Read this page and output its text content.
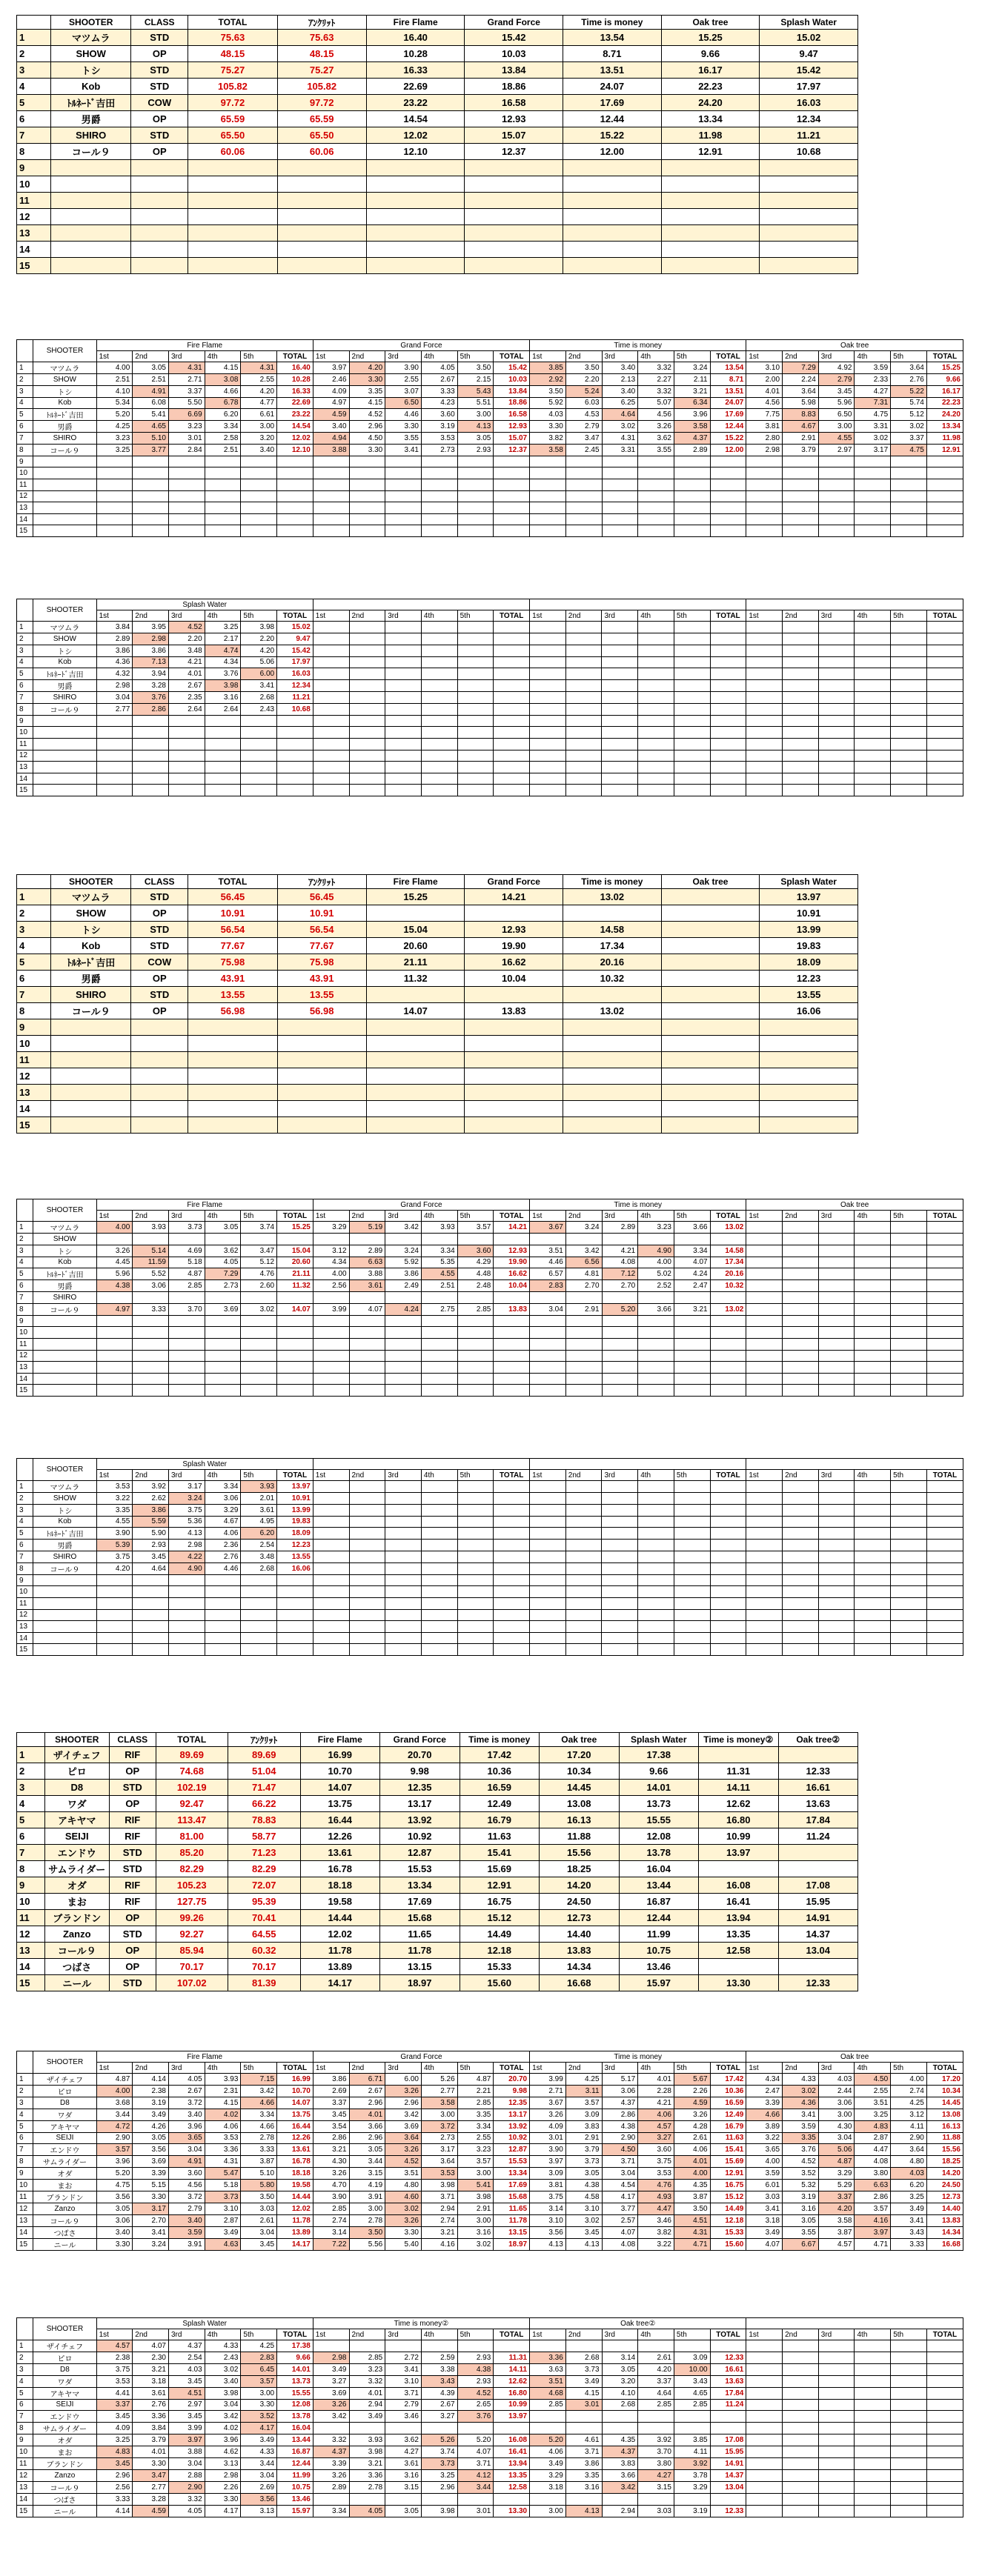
	SHOOTER	CLASS	TOTAL	ｱﾝｸﾘｯﾄ	Fire Flame	Grand Force	Time is money	Oak tree	Splash Water
1	マツムラ	STD	75.63	75.63	16.40	15.42	13.54	15.25	15.02
2	SHOW	OP	48.15	48.15	10.28	10.03	8.71	9.66	9.47
3	トシ	STD	75.27	75.27	16.33	13.84	13.51	16.17	15.42
4	Kob	STD	105.82	105.82	22.69	18.86	24.07	22.23	17.97
5	ﾄﾙﾈｰﾄﾞ吉田	COW	97.72	97.72	23.22	16.58	17.69	24.20	16.03
6	男爵	OP	65.59	65.59	14.54	12.93	12.44	13.34	12.34
7	SHIRO	STD	65.50	65.50	12.02	15.07	15.22	11.98	11.21
8	コール９	OP	60.06	60.06	12.10	12.37	12.00	12.91	10.68
9									
10									
11									
12									
13									
14									
15									
	SHOOTER	Fire Flame						Grand Force						Time is money						Oak tree					
		1st	2nd	3rd	4th	5th	TOTAL	1st	2nd	3rd	4th	5th	TOTAL	1st	2nd	3rd	4th	5th	TOTAL	1st	2nd	3rd	4th	5th	TOTAL
1	マツムラ	4.00	3.05	4.31	4.15	4.31	16.40	3.97	4.20	3.90	4.05	3.50	15.42	3.85	3.50	3.40	3.32	3.24	13.54	3.10	7.29	4.92	3.59	3.64	15.25
2	SHOW	2.51	2.51	2.71	3.08	2.55	10.28	2.46	3.30	2.55	2.67	2.15	10.03	2.92	2.20	2.13	2.27	2.11	8.71	2.00	2.24	2.79	2.33	2.76	9.66
3	トシ	4.10	4.91	3.37	4.66	4.20	16.33	4.09	3.35	3.07	3.33	5.43	13.84	3.50	5.24	3.40	3.32	3.21	13.51	4.01	3.64	3.45	4.27	5.22	16.17
4	Kob	5.34	6.08	5.50	6.78	4.77	22.69	4.97	4.15	6.50	4.23	5.51	18.86	5.92	6.03	6.25	5.07	6.34	24.07	4.56	5.98	5.96	7.31	5.74	22.23
5	ﾄﾙﾈｰﾄﾞ吉田	5.20	5.41	6.69	6.20	6.61	23.22	4.59	4.52	4.46	3.60	3.00	16.58	4.03	4.53	4.64	4.56	3.96	17.69	7.75	8.83	6.50	4.75	5.12	24.20
6	男爵	4.25	4.65	3.23	3.34	3.00	14.54	3.40	2.96	3.30	3.19	4.13	12.93	3.30	2.79	3.02	3.26	3.58	12.44	3.81	4.67	3.00	3.31	3.02	13.34
7	SHIRO	3.23	5.10	3.01	2.58	3.20	12.02	4.94	4.50	3.55	3.53	3.05	15.07	3.82	3.47	4.31	3.62	4.37	15.22	2.80	2.91	4.55	3.02	3.37	11.98
8	コール９	3.25	3.77	2.84	2.51	3.40	12.10	3.88	3.30	3.41	2.73	2.93	12.37	3.58	2.45	3.31	3.55	2.89	12.00	2.98	3.79	2.97	3.17	4.75	12.91
9																									
10																									
11																									
12																									
13																									
14																									
15																									
	SHOOTER	Splash Water																							
		1st	2nd	3rd	4th	5th	TOTAL	1st	2nd	3rd	4th	5th	TOTAL	1st	2nd	3rd	4th	5th	TOTAL	1st	2nd	3rd	4th	5th	TOTAL
1	マツムラ	3.84	3.95	4.52	3.25	3.98	15.02																		
2	SHOW	2.89	2.98	2.20	2.17	2.20	9.47																		
3	トシ	3.86	3.86	3.48	4.74	4.20	15.42																		
4	Kob	4.36	7.13	4.21	4.34	5.06	17.97																		
5	ﾄﾙﾈｰﾄﾞ吉田	4.32	3.94	4.01	3.76	6.00	16.03																		
6	男爵	2.98	3.28	2.67	3.98	3.41	12.34																		
7	SHIRO	3.04	3.76	2.35	3.16	2.68	11.21																		
8	コール９	2.77	2.86	2.64	2.64	2.43	10.68																		
9																									
10																									
11																									
12																									
13																									
14																									
15																									
	SHOOTER	CLASS	TOTAL	ｱﾝｸﾘｯﾄ	Fire Flame	Grand Force	Time is money	Oak tree	Splash Water
1	マツムラ	STD	56.45	56.45	15.25	14.21	13.02		13.97
2	SHOW	OP	10.91	10.91					10.91
3	トシ	STD	56.54	56.54	15.04	12.93	14.58		13.99
4	Kob	STD	77.67	77.67	20.60	19.90	17.34		19.83
5	ﾄﾙﾈｰﾄﾞ吉田	COW	75.98	75.98	21.11	16.62	20.16		18.09
6	男爵	OP	43.91	43.91	11.32	10.04	10.32		12.23
7	SHIRO	STD	13.55	13.55					13.55
8	コール９	OP	56.98	56.98	14.07	13.83	13.02		16.06
9									
10									
11									
12									
13									
14									
15									
	SHOOTER	Fire Flame						Grand Force						Time is money						Oak tree					
		1st	2nd	3rd	4th	5th	TOTAL	1st	2nd	3rd	4th	5th	TOTAL	1st	2nd	3rd	4th	5th	TOTAL	1st	2nd	3rd	4th	5th	TOTAL
1	マツムラ	4.00	3.93	3.73	3.05	3.74	15.25	3.29	5.19	3.42	3.93	3.57	14.21	3.67	3.24	2.89	3.23	3.66	13.02						
2	SHOW																								
3	トシ	3.26	5.14	4.69	3.62	3.47	15.04	3.12	2.89	3.24	3.34	3.60	12.93	3.51	3.42	4.21	4.90	3.34	14.58						
4	Kob	4.45	11.59	5.18	4.05	5.12	20.60	4.34	6.63	5.92	5.35	4.29	19.90	4.46	6.56	4.08	4.00	4.07	17.34						
5	ﾄﾙﾈｰﾄﾞ吉田	5.96	5.52	4.87	7.29	4.76	21.11	4.00	3.88	3.86	4.55	4.48	16.62	6.57	4.81	7.12	5.02	4.24	20.16						
6	男爵	4.38	3.06	2.85	2.73	2.60	11.32	2.56	3.61	2.49	2.51	2.48	10.04	2.83	2.70	2.70	2.52	2.47	10.32						
7	SHIRO																								
8	コール９	4.97	3.33	3.70	3.69	3.02	14.07	3.99	4.07	4.24	2.75	2.85	13.83	3.04	2.91	5.20	3.66	3.21	13.02						
9																									
10																									
11																									
12																									
13																									
14																									
15																									
	SHOOTER	Splash Water																							
		1st	2nd	3rd	4th	5th	TOTAL	1st	2nd	3rd	4th	5th	TOTAL	1st	2nd	3rd	4th	5th	TOTAL	1st	2nd	3rd	4th	5th	TOTAL
1	マツムラ	3.53	3.92	3.17	3.34	3.93	13.97																		
2	SHOW	3.22	2.62	3.24	3.06	2.01	10.91																		
3	トシ	3.35	3.86	3.75	3.29	3.61	13.99																		
4	Kob	4.55	5.59	5.36	4.67	4.95	19.83																		
5	ﾄﾙﾈｰﾄﾞ吉田	3.90	5.90	4.13	4.06	6.20	18.09																		
6	男爵	5.39	2.93	2.98	2.36	2.54	12.23																		
7	SHIRO	3.75	3.45	4.22	2.76	3.48	13.55																		
8	コール９	4.20	4.64	4.90	4.46	2.68	16.06																		
9																									
10																									
11																									
12																									
13																									
14																									
15																									
	SHOOTER	CLASS	TOTAL	ｱﾝｸﾘｯﾄ	Fire Flame	Grand Force	Time is money	Oak tree	Splash Water	Time is money②	Oak tree②
1	ザイチェフ	RIF	89.69	89.69	16.99	20.70	17.42	17.20	17.38		
2	ピロ	OP	74.68	51.04	10.70	9.98	10.36	10.34	9.66	11.31	12.33
3	D8	STD	102.19	71.47	14.07	12.35	16.59	14.45	14.01	14.11	16.61
4	ワダ	OP	92.47	66.22	13.75	13.17	12.49	13.08	13.73	12.62	13.63
5	アキヤマ	RIF	113.47	78.83	16.44	13.92	16.79	16.13	15.55	16.80	17.84
6	SEIJI	RIF	81.00	58.77	12.26	10.92	11.63	11.88	12.08	10.99	11.24
7	エンドウ	STD	85.20	71.23	13.61	12.87	15.41	15.56	13.78	13.97	
8	サムライダー	STD	82.29	82.29	16.78	15.53	15.69	18.25	16.04		
9	オダ	RIF	105.23	72.07	18.18	13.34	12.91	14.20	13.44	16.08	17.08
10	まお	RIF	127.75	95.39	19.58	17.69	16.75	24.50	16.87	16.41	15.95
11	ブランドン	OP	99.26	70.41	14.44	15.68	15.12	12.73	12.44	13.94	14.91
12	Zanzo	STD	92.27	64.55	12.02	11.65	14.49	14.40	11.99	13.35	14.37
13	コール９	OP	85.94	60.32	11.78	11.78	12.18	13.83	10.75	12.58	13.04
14	つばさ	OP	70.17	70.17	13.89	13.15	15.33	14.34	13.46		
15	ニール	STD	107.02	81.39	14.17	18.97	15.60	16.68	15.97	13.30	12.33
	SHOOTER	Fire Flame						Grand Force						Time is money						Oak tree					
		1st	2nd	3rd	4th	5th	TOTAL	1st	2nd	3rd	4th	5th	TOTAL	1st	2nd	3rd	4th	5th	TOTAL	1st	2nd	3rd	4th	5th	TOTAL
1	ザイチェフ	4.87	4.14	4.05	3.93	7.15	16.99	3.86	6.71	6.00	5.26	4.87	20.70	3.99	4.25	5.17	4.01	5.67	17.42	4.34	4.33	4.03	4.50	4.00	17.20
2	ピロ	4.00	2.38	2.67	2.31	3.42	10.70	2.69	2.67	3.26	2.77	2.21	9.98	2.71	3.11	3.06	2.28	2.26	10.36	2.47	3.02	2.44	2.55	2.74	10.34
3	D8	3.68	3.19	3.72	4.15	4.66	14.07	3.37	2.96	2.96	3.58	2.85	12.35	3.67	3.57	4.37	4.21	4.59	16.59	3.39	4.36	3.06	3.51	4.25	14.45
4	ワダ	3.44	3.49	3.40	4.02	3.34	13.75	3.45	4.01	3.42	3.00	3.35	13.17	3.26	3.09	2.86	4.06	3.26	12.49	4.66	3.41	3.00	3.25	3.12	13.08
5	アキヤマ	4.72	4.26	3.96	4.06	4.66	16.44	3.54	3.66	3.69	3.72	3.34	13.92	4.09	3.83	4.38	4.57	4.28	16.79	3.89	3.59	4.30	4.83	4.11	16.13
6	SEIJI	2.90	3.05	3.65	3.53	2.78	12.26	2.86	2.96	3.64	2.73	2.55	10.92	3.01	2.91	2.90	3.27	2.61	11.63	3.22	3.35	3.04	2.87	2.90	11.88
7	エンドウ	3.57	3.56	3.04	3.36	3.33	13.61	3.21	3.05	3.26	3.17	3.23	12.87	3.90	3.79	4.50	3.60	4.06	15.41	3.65	3.76	5.06	4.47	3.64	15.56
8	サムライダー	3.96	3.69	4.91	4.31	3.87	16.78	4.30	3.44	4.52	3.64	3.57	15.53	3.97	3.73	3.71	3.75	4.01	15.69	4.00	4.52	4.87	4.08	4.80	18.25
9	オダ	5.20	3.39	3.60	5.47	5.10	18.18	3.26	3.15	3.51	3.53	3.00	13.34	3.09	3.05	3.04	3.53	4.00	12.91	3.59	3.52	3.29	3.80	4.03	14.20
10	まお	4.75	5.15	4.56	5.18	5.80	19.58	4.70	4.19	4.80	3.98	5.41	17.69	3.81	4.38	4.54	4.76	4.35	16.75	6.01	5.32	5.29	6.63	6.20	24.50
11	ブランドン	3.56	3.30	3.72	3.73	3.50	14.44	3.90	3.91	4.60	3.71	3.98	15.68	3.75	4.58	4.17	4.93	3.87	15.12	3.03	3.19	3.37	2.86	3.25	12.73
12	Zanzo	3.05	3.17	2.79	3.10	3.03	12.02	2.85	3.00	3.02	2.94	2.91	11.65	3.14	3.10	3.77	4.47	3.50	14.49	3.41	3.16	4.20	3.57	3.49	14.40
13	コール９	3.06	2.70	3.40	2.87	2.61	11.78	2.74	2.78	3.26	2.74	3.00	11.78	3.10	3.02	2.57	3.46	4.51	12.18	3.18	3.05	3.58	4.16	3.41	13.83
14	つばさ	3.40	3.41	3.59	3.49	3.04	13.89	3.14	3.50	3.30	3.21	3.16	13.15	3.56	3.45	4.07	3.82	4.31	15.33	3.49	3.55	3.87	3.97	3.43	14.34
15	ニール	3.30	3.24	3.91	4.63	3.45	14.17	7.22	5.56	5.40	4.16	3.02	18.97	4.13	4.13	4.08	3.22	4.71	15.60	4.07	6.67	4.57	4.71	3.33	16.68
	SHOOTER	Splash Water						Time is money②						Oak tree②											
		1st	2nd	3rd	4th	5th	TOTAL	1st	2nd	3rd	4th	5th	TOTAL	1st	2nd	3rd	4th	5th	TOTAL	1st	2nd	3rd	4th	5th	TOTAL
1	ザイチェフ	4.57	4.07	4.37	4.33	4.25	17.38																		
2	ピロ	2.38	2.30	2.54	2.43	2.83	9.66	2.98	2.85	2.72	2.59	2.93	11.31	3.36	2.68	3.14	2.61	3.09	12.33						
3	D8	3.75	3.21	4.03	3.02	6.45	14.01	3.49	3.23	3.41	3.38	4.38	14.11	3.63	3.73	3.05	4.20	10.00	16.61						
4	ワダ	3.53	3.18	3.45	3.40	3.57	13.73	3.27	3.32	3.10	3.43	2.93	12.62	3.51	3.49	3.20	3.37	3.43	13.63						
5	アキヤマ	4.41	3.61	4.51	3.98	3.00	15.55	3.69	4.01	3.71	4.39	4.52	16.80	4.68	4.15	4.10	4.64	4.65	17.84						
6	SEIJI	3.37	2.76	2.97	3.04	3.30	12.08	3.26	2.94	2.79	2.67	2.65	10.99	2.85	3.01	2.68	2.85	2.85	11.24						
7	エンドウ	3.45	3.36	3.45	3.42	3.52	13.78	3.42	3.49	3.46	3.27	3.76	13.97												
8	サムライダー	4.09	3.84	3.99	4.02	4.17	16.04																		
9	オダ	3.25	3.79	3.97	3.96	3.49	13.44	3.32	3.93	3.62	5.26	5.20	16.08	5.20	4.61	4.35	3.92	3.85	17.08						
10	まお	4.83	4.01	3.88	4.62	4.33	16.87	4.37	3.98	4.27	3.74	4.07	16.41	4.06	3.71	4.37	3.70	4.11	15.95						
11	ブランドン	3.45	3.30	3.04	3.13	3.44	12.44	3.39	3.21	3.61	3.73	3.71	13.94	3.49	3.86	3.83	3.80	3.92	14.91						
12	Zanzo	2.96	3.47	2.88	2.98	3.04	11.99	3.26	3.36	3.16	3.25	4.12	13.35	3.29	3.35	3.66	4.27	3.78	14.37						
13	コール９	2.56	2.77	2.90	2.26	2.69	10.75	2.89	2.78	3.15	2.96	3.44	12.58	3.18	3.16	3.42	3.15	3.29	13.04						
14	つばさ	3.33	3.28	3.32	3.30	3.56	13.46																		
15	ニール	4.14	4.59	4.05	4.17	3.13	15.97	3.34	4.05	3.05	3.98	3.01	13.30	3.00	4.13	2.94	3.03	3.19	12.33						
